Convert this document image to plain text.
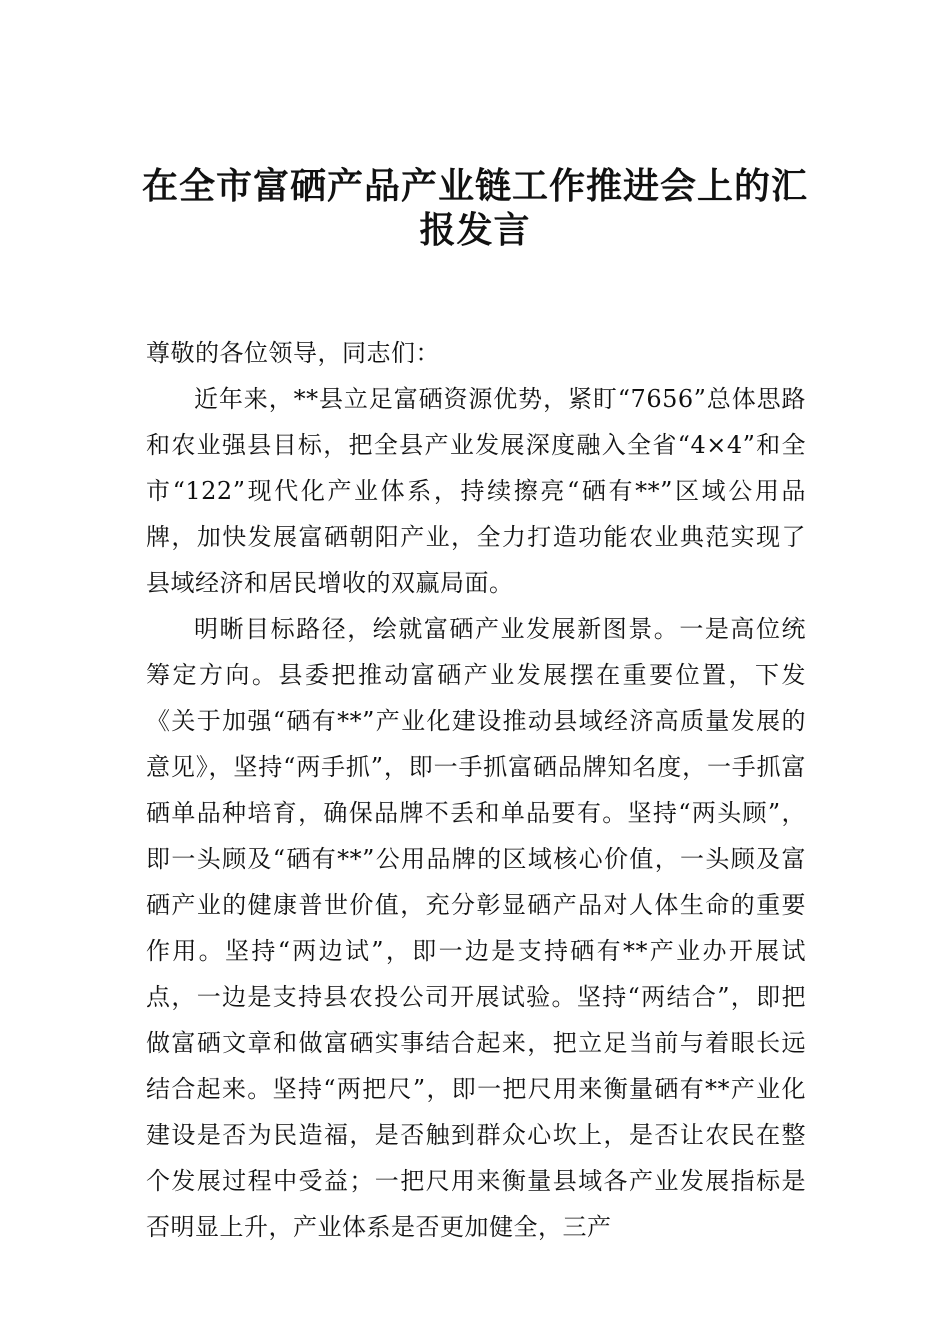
在全市富硒产品产业链工作推进会上的汇
报发言

尊敬的各位领导，同志们：

近年来，**县立足富硒资源优势，紧盯“7656”总体思路和农业强县目标，把全县产业发展深度融入全省“4×4”和全市“122”现代化产业体系，持续擦亮“硒有**”区域公用品牌，加快发展富硒朝阳产业，全力打造功能农业典范实现了县域经济和居民增收的双赢局面。

明晰目标路径，绘就富硒产业发展新图景。一是高位统筹定方向。县委把推动富硒产业发展摆在重要位置，下发《关于加强“硒有**”产业化建设推动县域经济高质量发展的意见》，坚持“两手抓”，即一手抓富硒品牌知名度，一手抓富硒单品种培育，确保品牌不丢和单品要有。坚持“两头顾”，即一头顾及“硒有**”公用品牌的区域核心价值，一头顾及富硒产业的健康普世价值，充分彰显硒产品对人体生命的重要作用。坚持“两边试”，即一边是支持硒有**产业办开展试点，一边是支持县农投公司开展试验。坚持“两结合”，即把做富硒文章和做富硒实事结合起来，把立足当前与着眼长远结合起来。坚持“两把尺”，即一把尺用来衡量硒有**产业化建设是否为民造福，是否触到群众心坎上，是否让农民在整个发展过程中受益；一把尺用来衡量县域各产业发展指标是否明显上升，产业体系是否更加健全，三产
